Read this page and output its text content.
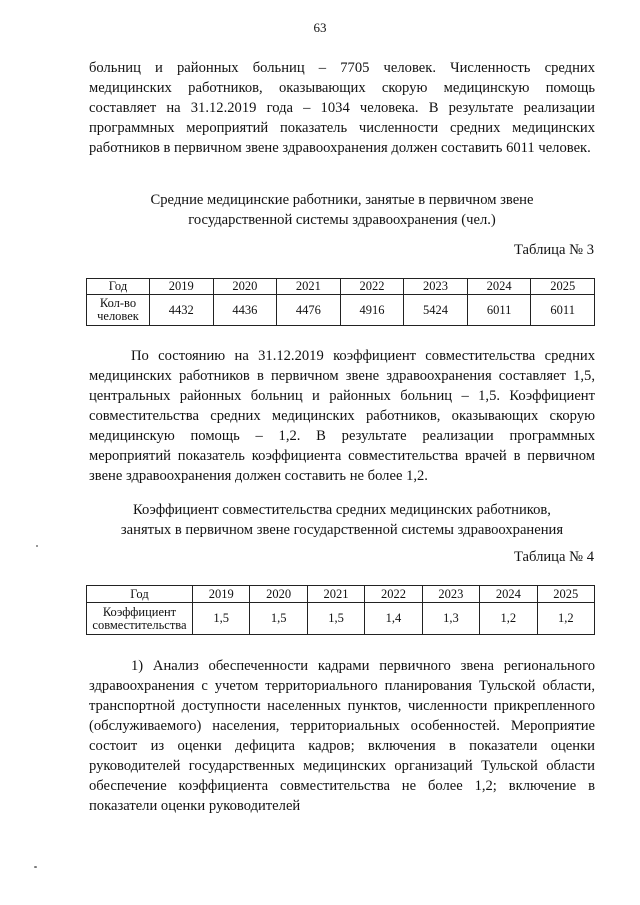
63

больниц и районных больниц – 7705 человек. Численность средних медицинских работников, оказывающих скорую медицинскую помощь составляет на 31.12.2019 года – 1034 человека. В результате реализации программных мероприятий показатель численности средних медицинских работников в первичном звене здравоохранения должен составить 6011 человек.

Средние медицинские работники, занятые в первичном звене
государственной системы здравоохранения (чел.)
Таблица № 3
Год	2019	2020	2021	2022	2023	2024	2025

Кол-во
человек	4432	4436	4476	4916	5424	6011	6011

По состоянию на 31.12.2019 коэффициент совместительства средних медицинских работников в первичном звене здравоохранения составляет 1,5, центральных районных больниц и районных больниц – 1,5. Коэффициент совместительства средних медицинских работников, оказывающих скорую медицинскую помощь – 1,2. В результате реализации программных мероприятий показатель коэффициента совместительства врачей в первичном звене здравоохранения должен составить не более 1,2.

Коэффициент совместительства средних медицинских работников,
занятых в первичном звене государственной системы здравоохранения
Таблица № 4
Год	2019	2020	2021	2022	2023	2024	2025

Коэффициент
совместительства	1,5	1,5	1,5	1,4	1,3	1,2	1,2

1) Анализ обеспеченности кадрами первичного звена регионального здравоохранения с учетом территориального планирования Тульской области, транспортной доступности населенных пунктов, численности прикрепленного (обслуживаемого) населения, территориальных особенностей. Мероприятие состоит из оценки дефицита кадров; включения в показатели оценки руководителей государственных медицинских организаций Тульской области обеспечение коэффициента совместительства не более 1,2; включение в показатели оценки руководителей
